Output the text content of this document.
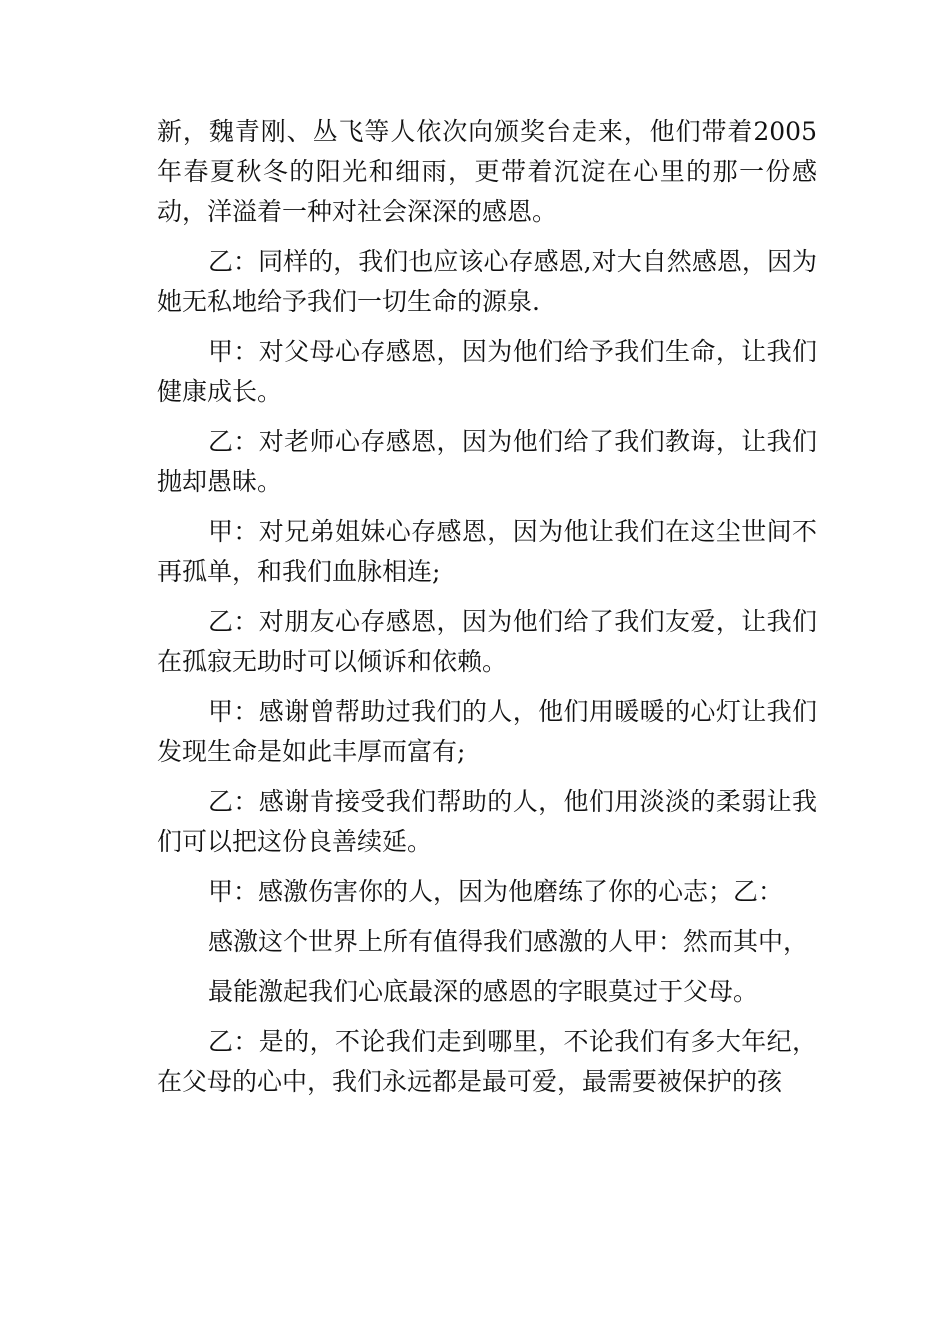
新，魏青刚、丛飞等人依次向颁奖台走来，他们带着2005年春夏秋冬的阳光和细雨，更带着沉淀在心里的那一份感动，洋溢着一种对社会深深的感恩。

乙：同样的，我们也应该心存感恩,对大自然感恩，因为她无私地给予我们一切生命的源泉.

甲：对父母心存感恩，因为他们给予我们生命，让我们健康成长。

乙：对老师心存感恩，因为他们给了我们教诲，让我们抛却愚昧。

甲：对兄弟姐妹心存感恩，因为他让我们在这尘世间不再孤单，和我们血脉相连;

乙：对朋友心存感恩，因为他们给了我们友爱，让我们在孤寂无助时可以倾诉和依赖。

甲：感谢曾帮助过我们的人，他们用暖暖的心灯让我们发现生命是如此丰厚而富有;

乙：感谢肯接受我们帮助的人，他们用淡淡的柔弱让我们可以把这份良善续延。

甲：感激伤害你的人，因为他磨练了你的心志；乙：
感激这个世界上所有值得我们感激的人甲：然而其中，
最能激起我们心底最深的感恩的字眼莫过于父母。

乙：是的，不论我们走到哪里，不论我们有多大年纪，在父母的心中，我们永远都是最可爱，最需要被保护的孩
